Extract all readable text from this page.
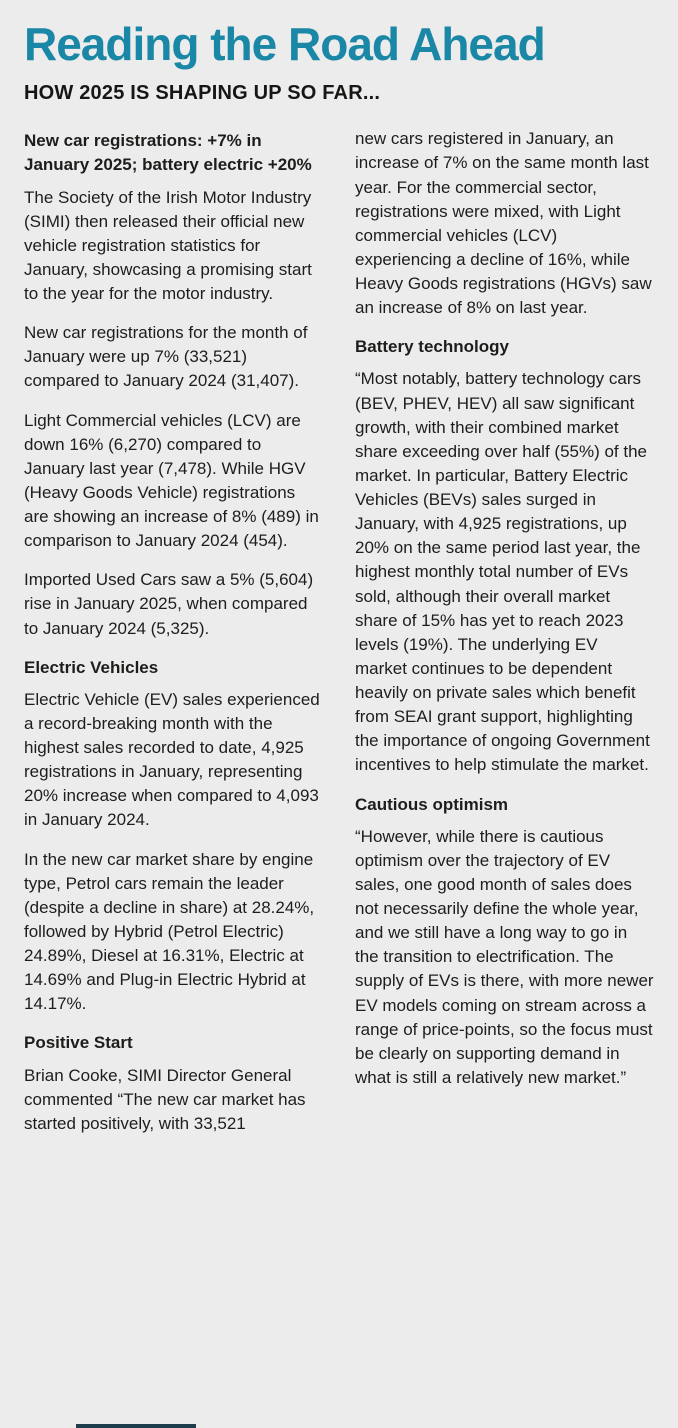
Reading the Road Ahead
HOW 2025 IS SHAPING UP SO FAR...

New car registrations: +7% in January 2025; battery electric +20%

The Society of the Irish Motor Industry (SIMI) then released their official new vehicle registration statistics for January, showcasing a promising start to the year for the motor industry.

New car registrations for the month of January were up 7% (33,521) compared to January 2024 (31,407).

Light Commercial vehicles (LCV) are down 16% (6,270) compared to January last year (7,478). While HGV (Heavy Goods Vehicle) registrations are showing an increase of 8% (489) in comparison to January 2024 (454).

Imported Used Cars saw a 5% (5,604) rise in January 2025, when compared to January 2024 (5,325).

Electric Vehicles

Electric Vehicle (EV) sales experienced a record-breaking month with the highest sales recorded to date, 4,925 registrations in January, representing 20% increase when compared to 4,093 in January 2024.

In the new car market share by engine type, Petrol cars remain the leader (despite a decline in share) at 28.24%, followed by Hybrid (Petrol Electric) 24.89%, Diesel at 16.31%, Electric at 14.69% and Plug-in Electric Hybrid at 14.17%.

Positive Start

Brian Cooke, SIMI Director General commented “The new car market has started positively, with 33,521

new cars registered in January, an increase of 7% on the same month last year. For the commercial sector, registrations were mixed, with Light commercial vehicles (LCV) experiencing a decline of 16%, while Heavy Goods registrations (HGVs) saw an increase of 8% on last year.

Battery technology

“Most notably, battery technology cars (BEV, PHEV, HEV) all saw significant growth, with their combined market share exceeding over half (55%) of the market. In particular, Battery Electric Vehicles (BEVs) sales surged in January, with 4,925 registrations, up 20% on the same period last year, the highest monthly total number of EVs sold, although their overall market share of 15% has yet to reach 2023 levels (19%). The underlying EV market continues to be dependent heavily on private sales which benefit from SEAI grant support, highlighting the importance of ongoing Government incentives to help stimulate the market.

Cautious optimism

“However, while there is cautious optimism over the trajectory of EV sales, one good month of sales does not necessarily define the whole year, and we still have a long way to go in the transition to electrification. The supply of EVs is there, with more newer EV models coming on stream across a range of price-points, so the focus must be clearly on supporting demand in what is still a relatively new market.”
